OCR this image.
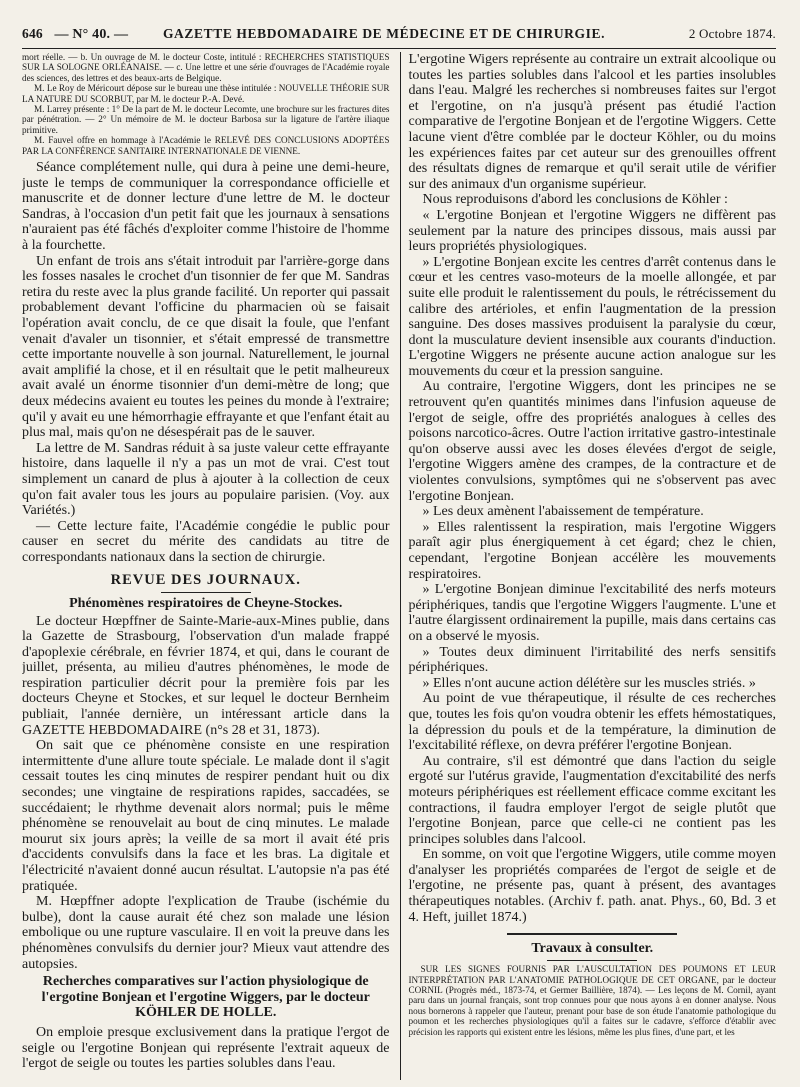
646 — N° 40. —	GAZETTE HEBDOMADAIRE DE MÉDECINE ET DE CHIRURGIE.	2 Octobre 1874.

mort réelle. — b. Un ouvrage de M. le docteur Coste, intitulé : RECHERCHES STATISTIQUES SUR LA SOLOGNE ORLÉANAISE. — c. Une lettre et une série d'ouvrages de l'Académie royale des sciences, des lettres et des beaux-arts de Belgique.

M. Le Roy de Méricourt dépose sur le bureau une thèse intitulée : NOUVELLE THÉORIE SUR LA NATURE DU SCORBUT, par M. le docteur P.-A. Devé.

M. Larrey présente : 1° De la part de M. le docteur Lecomte, une brochure sur les fractures dites par pénétration. — 2° Un mémoire de M. le docteur Barbosa sur la ligature de l'artère iliaque primitive.

M. Fauvel offre en hommage à l'Académie le RELEVÉ DES CONCLUSIONS ADOPTÉES PAR LA CONFÉRENCE SANITAIRE INTERNATIONALE DE VIENNE.

Séance complétement nulle, qui dura à peine une demi-heure, juste le temps de communiquer la correspondance officielle et manuscrite et de donner lecture d'une lettre de M. le docteur Sandras, à l'occasion d'un petit fait que les journaux à sensations n'auraient pas été fâchés d'exploiter comme l'histoire de l'homme à la fourchette.

Un enfant de trois ans s'était introduit par l'arrière-gorge dans les fosses nasales le crochet d'un tisonnier de fer que M. Sandras retira du reste avec la plus grande facilité. Un reporter qui passait probablement devant l'officine du pharmacien où se faisait l'opération avait conclu, de ce que disait la foule, que l'enfant venait d'avaler un tisonnier, et s'était empressé de transmettre cette importante nouvelle à son journal. Naturellement, le journal avait amplifié la chose, et il en résultait que le petit malheureux avait avalé un énorme tisonnier d'un demi-mètre de long; que deux médecins avaient eu toutes les peines du monde à l'extraire; qu'il y avait eu une hémorrhagie effrayante et que l'enfant était au plus mal, mais qu'on ne désespérait pas de le sauver.

La lettre de M. Sandras réduit à sa juste valeur cette effrayante histoire, dans laquelle il n'y a pas un mot de vrai. C'est tout simplement un canard de plus à ajouter à la collection de ceux qu'on fait avaler tous les jours au populaire parisien. (Voy. aux Variétés.)

— Cette lecture faite, l'Académie congédie le public pour causer en secret du mérite des candidats au titre de correspondants nationaux dans la section de chirurgie.

REVUE DES JOURNAUX.
Phénomènes respiratoires de Cheyne-Stockes.

Le docteur Hœpffner de Sainte-Marie-aux-Mines publie, dans la Gazette de Strasbourg, l'observation d'un malade frappé d'apoplexie cérébrale, en février 1874, et qui, dans le courant de juillet, présenta, au milieu d'autres phénomènes, le mode de respiration particulier décrit pour la première fois par les docteurs Cheyne et Stockes, et sur lequel le docteur Bernheim publiait, l'année dernière, un intéressant article dans la GAZETTE HEBDOMADAIRE (n°s 28 et 31, 1873).

On sait que ce phénomène consiste en une respiration intermittente d'une allure toute spéciale. Le malade dont il s'agit cessait toutes les cinq minutes de respirer pendant huit ou dix secondes; une vingtaine de respirations rapides, saccadées, se succédaient; le rhythme devenait alors normal; puis le même phénomène se renouvelait au bout de cinq minutes. Le malade mourut six jours après; la veille de sa mort il avait été pris d'accidents convulsifs dans la face et les bras. La digitale et l'électricité n'avaient donné aucun résultat. L'autopsie n'a pas été pratiquée.

M. Hœpffner adopte l'explication de Traube (ischémie du bulbe), dont la cause aurait été chez son malade une lésion embolique ou une rupture vasculaire. Il en voit la preuve dans les phénomènes convulsifs du dernier jour? Mieux vaut attendre des autopsies.

Recherches comparatives sur l'action physiologique de l'ergotine Bonjean et l'ergotine Wiggers, par le docteur KÖHLER DE HOLLE.

On emploie presque exclusivement dans la pratique l'ergot de seigle ou l'ergotine Bonjean qui représente l'extrait aqueux de l'ergot de seigle ou toutes les parties solubles dans l'eau.

L'ergotine Wigers représente au contraire un extrait alcoolique ou toutes les parties solubles dans l'alcool et les parties insolubles dans l'eau. Malgré les recherches si nombreuses faites sur l'ergot et l'ergotine, on n'a jusqu'à présent pas étudié l'action comparative de l'ergotine Bonjean et de l'ergotine Wiggers. Cette lacune vient d'être comblée par le docteur Köhler, ou du moins les expériences faites par cet auteur sur des grenouilles offrent des résultats dignes de remarque et qu'il serait utile de vérifier sur des animaux d'un organisme supérieur.

Nous reproduisons d'abord les conclusions de Köhler :

« L'ergotine Bonjean et l'ergotine Wiggers ne diffèrent pas seulement par la nature des principes dissous, mais aussi par leurs propriétés physiologiques.

» L'ergotine Bonjean excite les centres d'arrêt contenus dans le cœur et les centres vaso-moteurs de la moelle allongée, et par suite elle produit le ralentissement du pouls, le rétrécissement du calibre des artérioles, et enfin l'augmentation de la pression sanguine. Des doses massives produisent la paralysie du cœur, dont la musculature devient insensible aux courants d'induction. L'ergotine Wiggers ne présente aucune action analogue sur les mouvements du cœur et la pression sanguine.

Au contraire, l'ergotine Wiggers, dont les principes ne se retrouvent qu'en quantités minimes dans l'infusion aqueuse de l'ergot de seigle, offre des propriétés analogues à celles des poisons narcotico-âcres. Outre l'action irritative gastro-intestinale qu'on observe aussi avec les doses élevées d'ergot de seigle, l'ergotine Wiggers amène des crampes, de la contracture et de violentes convulsions, symptômes qui ne s'observent pas avec l'ergotine Bonjean.

» Les deux amènent l'abaissement de température.

» Elles ralentissent la respiration, mais l'ergotine Wiggers paraît agir plus énergiquement à cet égard; chez le chien, cependant, l'ergotine Bonjean accélère les mouvements respiratoires.

» L'ergotine Bonjean diminue l'excitabilité des nerfs moteurs périphériques, tandis que l'ergotine Wiggers l'augmente. L'une et l'autre élargissent ordinairement la pupille, mais dans certains cas on a observé le myosis.

» Toutes deux diminuent l'irritabilité des nerfs sensitifs périphériques.

» Elles n'ont aucune action délétère sur les muscles striés. »

Au point de vue thérapeutique, il résulte de ces recherches que, toutes les fois qu'on voudra obtenir les effets hémostatiques, la dépression du pouls et de la température, la diminution de l'excitabilité réflexe, on devra préférer l'ergotine Bonjean.

Au contraire, s'il est démontré que dans l'action du seigle ergoté sur l'utérus gravide, l'augmentation d'excitabilité des nerfs moteurs périphériques est réellement efficace comme excitant les contractions, il faudra employer l'ergot de seigle plutôt que l'ergotine Bonjean, parce que celle-ci ne contient pas les principes solubles dans l'alcool.

En somme, on voit que l'ergotine Wiggers, utile comme moyen d'analyser les propriétés comparées de l'ergot de seigle et de l'ergotine, ne présente pas, quant à présent, des avantages thérapeutiques notables. (Archiv f. path. anat. Phys., 60, Bd. 3 et 4. Heft, juillet 1874.)

Travaux à consulter.

SUR LES SIGNES FOURNIS PAR L'AUSCULTATION DES POUMONS ET LEUR INTERPRÉTATION PAR L'ANATOMIE PATHOLOGIQUE DE CET ORGANE, par le docteur CORNIL (Progrès méd., 1873-74, et Germer Baillière, 1874). — Les leçons de M. Cornil, ayant paru dans un journal français, sont trop connues pour que nous ayons à en donner analyse. Nous nous bornerons à rappeler que l'auteur, prenant pour base de son étude l'anatomie pathologique du poumon et les recherches physiologiques qu'il a faites sur le cadavre, s'efforce d'établir avec précision les rapports qui existent entre les lésions, même les plus fines, d'une part, et les
